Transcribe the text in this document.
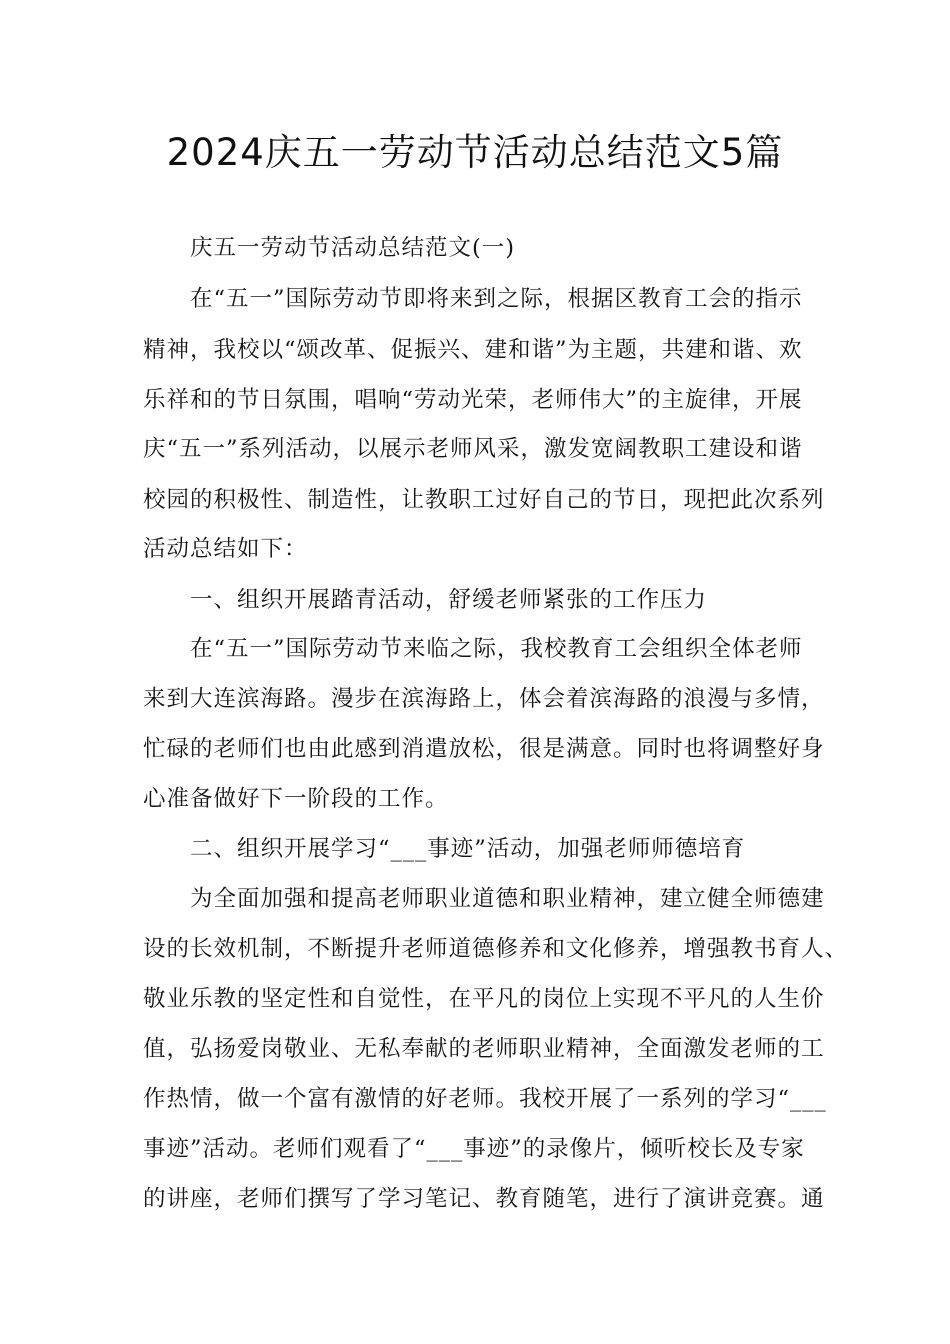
2024庆五一劳动节活动总结范文5篇
庆五一劳动节活动总结范文(一)
在“五一”国际劳动节即将来到之际，根据区教育工会的指示
精神，我校以“颂改革、促振兴、建和谐”为主题，共建和谐、欢
乐祥和的节日氛围，唱响“劳动光荣，老师伟大”的主旋律，开展
庆“五一”系列活动，以展示老师风采，激发宽阔教职工建设和谐
校园的积极性、制造性，让教职工过好自己的节日，现把此次系列
活动总结如下：
一、组织开展踏青活动，舒缓老师紧张的工作压力
在“五一”国际劳动节来临之际，我校教育工会组织全体老师
来到大连滨海路。漫步在滨海路上，体会着滨海路的浪漫与多情，
忙碌的老师们也由此感到消遣放松，很是满意。同时也将调整好身
心准备做好下一阶段的工作。
二、组织开展学习“___事迹”活动，加强老师师德培育
为全面加强和提高老师职业道德和职业精神，建立健全师德建
设的长效机制，不断提升老师道德修养和文化修养，增强教书育人、
敬业乐教的坚定性和自觉性，在平凡的岗位上实现不平凡的人生价
值，弘扬爱岗敬业、无私奉献的老师职业精神，全面激发老师的工
作热情，做一个富有激情的好老师。我校开展了一系列的学习“___
事迹”活动。老师们观看了“___事迹”的录像片，倾听校长及专家
的讲座，老师们撰写了学习笔记、教育随笔，进行了演讲竞赛。通
